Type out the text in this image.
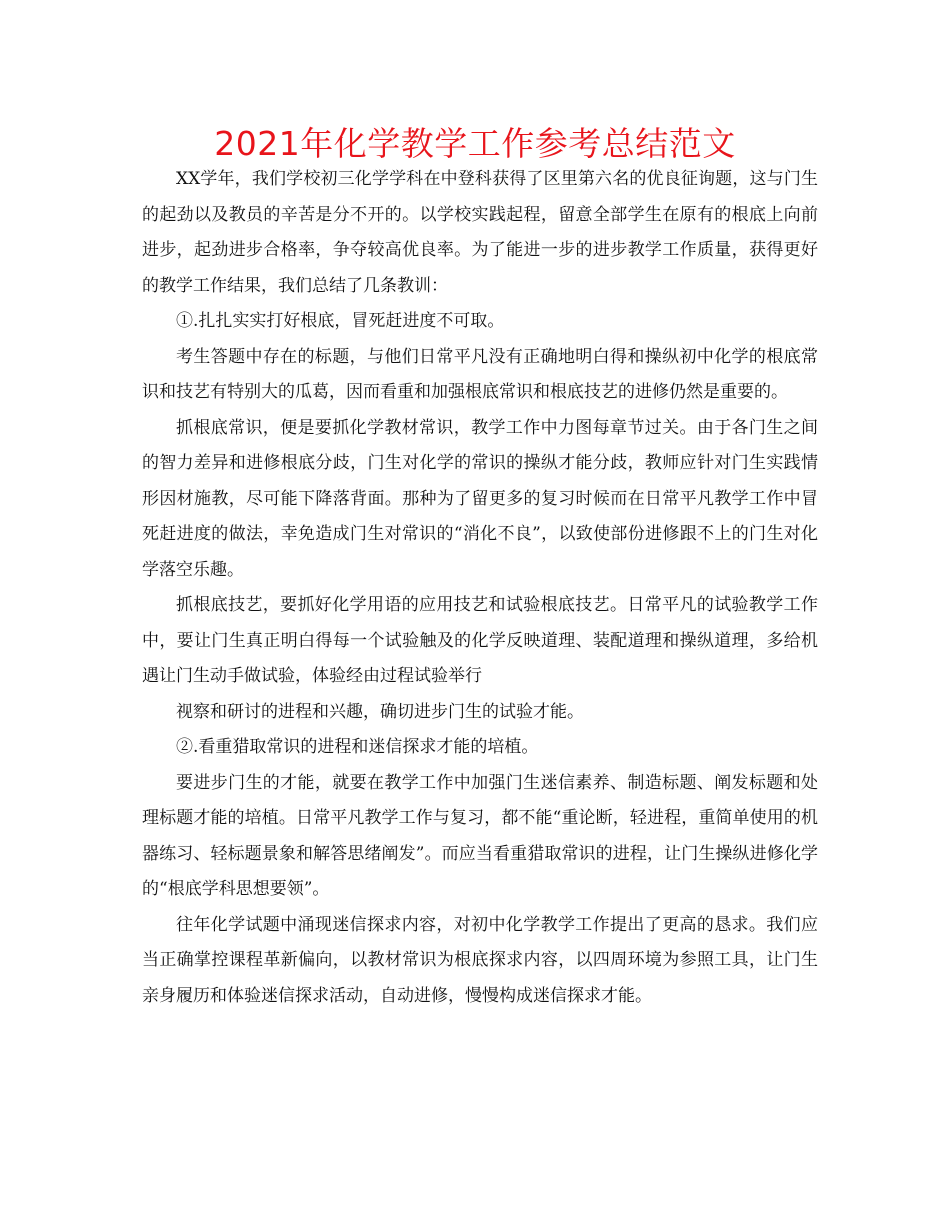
2021年化学教学工作参考总结范文

XX学年，我们学校初三化学学科在中登科获得了区里第六名的优良征询题，这与门生的起劲以及教员的辛苦是分不开的。以学校实践起程，留意全部学生在原有的根底上向前进步，起劲进步合格率，争夺较高优良率。为了能进一步的进步教学工作质量，获得更好的教学工作结果，我们总结了几条教训：

①.扎扎实实打好根底，冒死赶进度不可取。

考生答题中存在的标题，与他们日常平凡没有正确地明白得和操纵初中化学的根底常识和技艺有特别大的瓜葛，因而看重和加强根底常识和根底技艺的进修仍然是重要的。

抓根底常识，便是要抓化学教材常识，教学工作中力图每章节过关。由于各门生之间的智力差异和进修根底分歧，门生对化学的常识的操纵才能分歧，教师应针对门生实践情形因材施教，尽可能下降落背面。那种为了留更多的复习时候而在日常平凡教学工作中冒死赶进度的做法，幸免造成门生对常识的“消化不良”，以致使部份进修跟不上的门生对化学落空乐趣。

抓根底技艺，要抓好化学用语的应用技艺和试验根底技艺。日常平凡的试验教学工作中，要让门生真正明白得每一个试验触及的化学反映道理、装配道理和操纵道理，多给机遇让门生动手做试验，体验经由过程试验举行

视察和研讨的进程和兴趣，确切进步门生的试验才能。

②.看重猎取常识的进程和迷信探求才能的培植。

要进步门生的才能，就要在教学工作中加强门生迷信素养、制造标题、阐发标题和处理标题才能的培植。日常平凡教学工作与复习，都不能“重论断，轻进程，重简单使用的机器练习、轻标题景象和解答思绪阐发”。而应当看重猎取常识的进程，让门生操纵进修化学的“根底学科思想要领”。

往年化学试题中涌现迷信探求内容，对初中化学教学工作提出了更高的恳求。我们应当正确掌控课程革新偏向，以教材常识为根底探求内容，以四周环境为参照工具，让门生亲身履历和体验迷信探求活动，自动进修，慢慢构成迷信探求才能。
